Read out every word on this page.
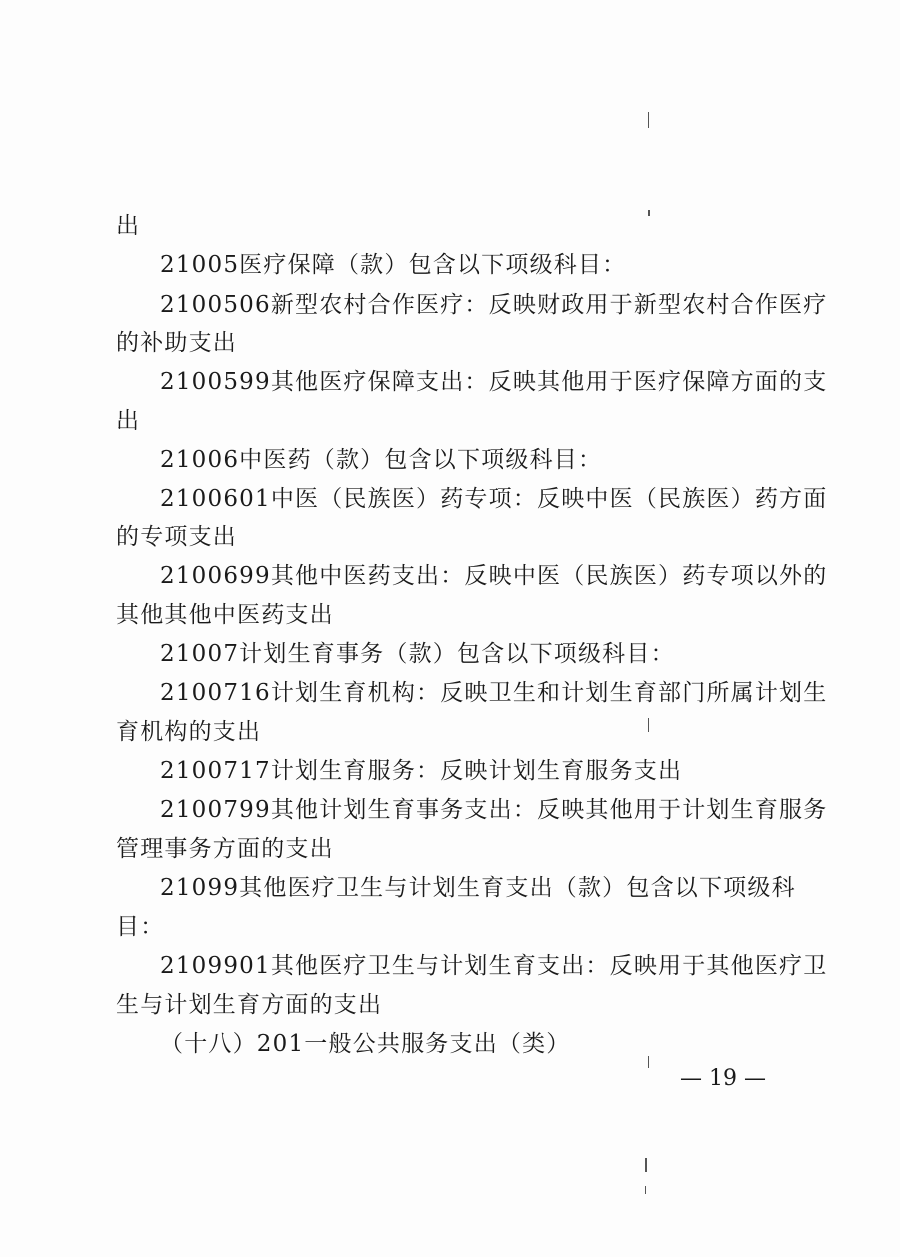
出
21005医疗保障（款）包含以下项级科目：
2100506新型农村合作医疗：反映财政用于新型农村合作医疗
的补助支出
2100599其他医疗保障支出：反映其他用于医疗保障方面的支
出
21006中医药（款）包含以下项级科目：
2100601中医（民族医）药专项：反映中医（民族医）药方面
的专项支出
2100699其他中医药支出：反映中医（民族医）药专项以外的
其他其他中医药支出
21007计划生育事务（款）包含以下项级科目：
2100716计划生育机构：反映卫生和计划生育部门所属计划生
育机构的支出
2100717计划生育服务：反映计划生育服务支出
2100799其他计划生育事务支出：反映其他用于计划生育服务
管理事务方面的支出
21099其他医疗卫生与计划生育支出（款）包含以下项级科
目：
2109901其他医疗卫生与计划生育支出：反映用于其他医疗卫
生与计划生育方面的支出
（十八）201一般公共服务支出（类）
— 19 —
